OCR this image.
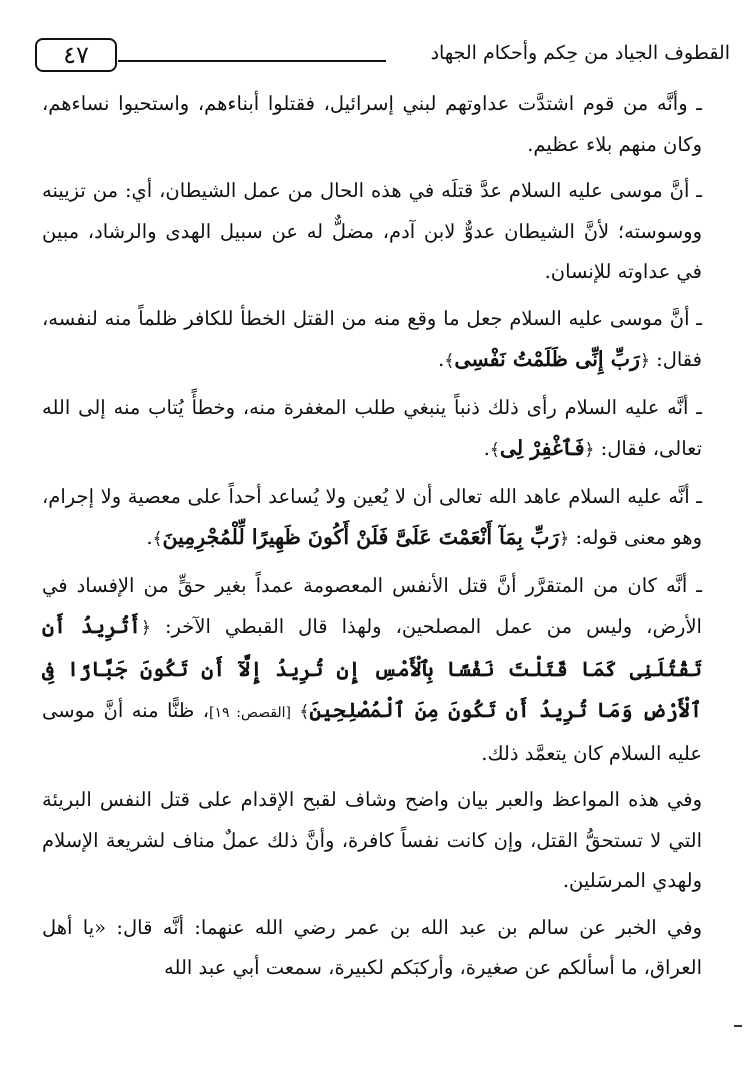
٤٧	القطوف الجياد من حِكم وأحكام الجهاد

ـ وأنَّه من قوم اشتدَّت عداوتهم لبني إسرائيل، فقتلوا أبناءهم، واستحيوا نساءهم، وكان منهم بلاء عظيم.

ـ أنَّ موسى عليه السلام عدَّ قتلَه في هذه الحال من عمل الشيطان، أي: من تزيينه ووسوسته؛ لأنَّ الشيطان عدوٌّ لابن آدم، مضلٌّ له عن سبيل الهدى والرشاد، مبين في عداوته للإنسان.

ـ أنَّ موسى عليه السلام جعل ما وقع منه من القتل الخطأ للكافر ظلماً منه لنفسه، فقال: ﴿رَبِّ إِنِّى ظَلَمْتُ نَفْسِى﴾.

ـ أنَّه عليه السلام رأى ذلك ذنباً ينبغي طلب المغفرة منه، وخطأً يُتاب منه إلى الله تعالى، فقال: ﴿فَٱغْفِرْ لِى﴾.

ـ أنَّه عليه السلام عاهد الله تعالى أن لا يُعين ولا يُساعد أحداً على معصية ولا إجرام، وهو معنى قوله: ﴿رَبِّ بِمَآ أَنْعَمْتَ عَلَىَّ فَلَنْ أَكُونَ ظَهِيرًا لِّلْمُجْرِمِينَ﴾.

ـ أنَّه كان من المتقرَّر أنَّ قتل الأنفس المعصومة عمداً بغير حقٍّ من الإفساد في الأرض، وليس من عمل المصلحين، ولهذا قال القبطي الآخر: ﴿أَتُرِيدُ أَن تَقْتُلَنِى كَمَا قَتَلْتَ نَفْسًا بِٱلْأَمْسِ إِن تُرِيدُ إِلَّآ أَن تَكُونَ جَبَّارًا فِى ٱلْأَرْضِ وَمَا تُرِيدُ أَن تَكُونَ مِنَ ٱلْمُصْلِحِينَ﴾ [القصص: ١٩]، ظنًّا منه أنَّ موسى عليه السلام كان يتعمَّد ذلك.

وفي هذه المواعظ والعبر بيان واضح وشاف لقبح الإقدام على قتل النفس البريئة التي لا تستحقُّ القتل، وإن كانت نفساً كافرة، وأنَّ ذلك عملٌ مناف لشريعة الإسلام ولهدي المرسَلين.

وفي الخبر عن سالم بن عبد الله بن عمر رضي الله عنهما: أنَّه قال: «يا أهل العراق، ما أسألكم عن صغيرة، وأركبَكم لكبيرة، سمعت أبي عبد الله
